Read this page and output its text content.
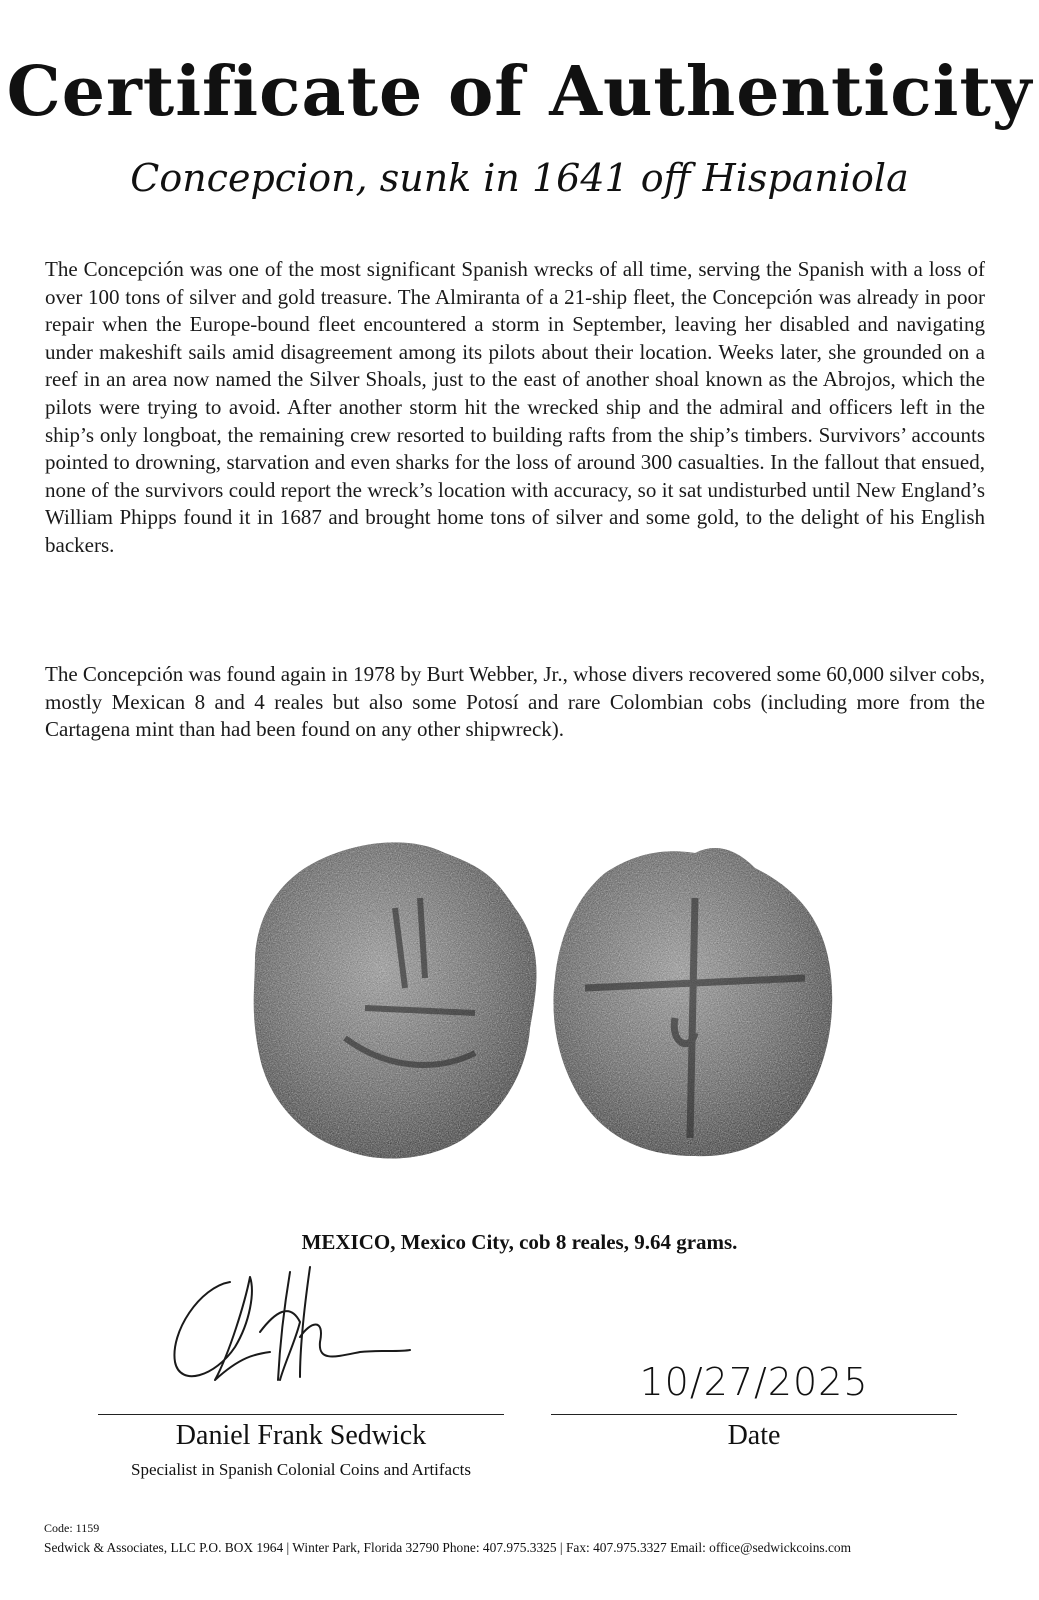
Certificate of Authenticity
Concepcion, sunk in 1641 off Hispaniola

The Concepción was one of the most significant Spanish wrecks of all time, serving the Spanish with a loss of over 100 tons of silver and gold treasure. The Almiranta of a 21-ship fleet, the Concepción was already in poor repair when the Europe-bound fleet encountered a storm in September, leaving her disabled and navigating under makeshift sails amid disagreement among its pilots about their location. Weeks later, she grounded on a reef in an area now named the Silver Shoals, just to the east of another shoal known as the Abrojos, which the pilots were trying to avoid. After another storm hit the wrecked ship and the admiral and officers left in the ship’s only longboat, the remaining crew resorted to building rafts from the ship’s timbers. Survivors’ accounts pointed to drowning, starvation and even sharks for the loss of around 300 casualties. In the fallout that ensued, none of the survivors could report the wreck’s location with accuracy, so it sat undisturbed until New England’s William Phipps found it in 1687 and brought home tons of silver and some gold, to the delight of his English backers.

The Concepción was found again in 1978 by Burt Webber, Jr., whose divers recovered some 60,000 silver cobs, mostly Mexican 8 and 4 reales but also some Potosí and rare Colombian cobs (including more from the Cartagena mint than had been found on any other shipwreck).

MEXICO, Mexico City, cob 8 reales, 9.64 grams.
Daniel Frank Sedwick
Specialist in Spanish Colonial Coins and Artifacts
10/27/2025
Date
Code: 1159
Sedwick & Associates, LLC P.O. BOX 1964 | Winter Park, Florida 32790 Phone: 407.975.3325 | Fax: 407.975.3327 Email: office@sedwickcoins.com
